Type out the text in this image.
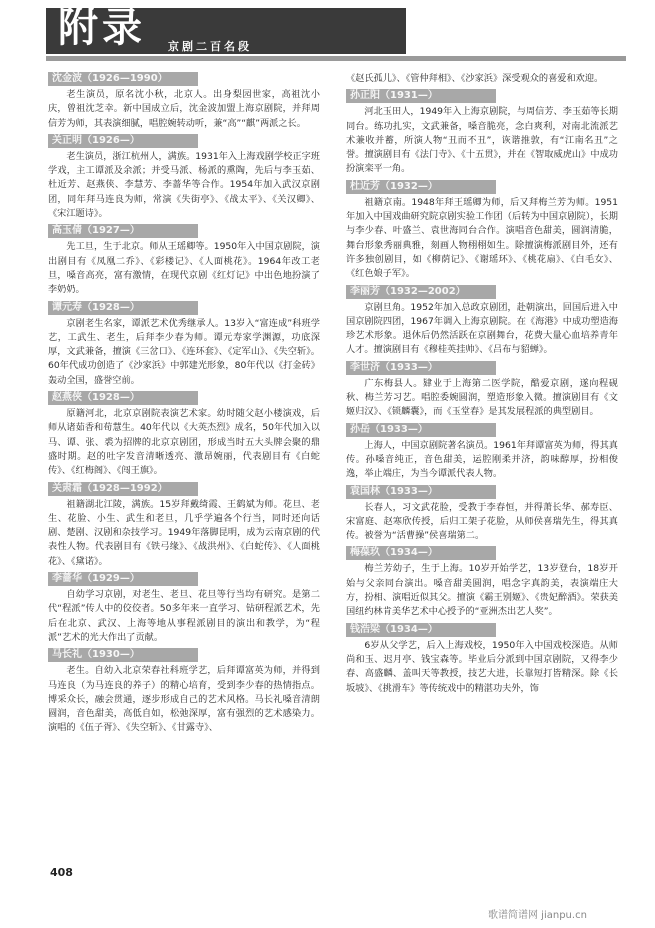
附录 京剧二百名段
沈金波（1926—1990）

老生演员，原名沈小秋，北京人。出身梨园世家，高祖沈小庆，曾祖沈芝幸。新中国成立后，沈金波加盟上海京剧院，并拜周信芳为师，其表演细腻，唱腔婉转动听，兼“高”“麒”两派之长。

关正明（1926—）

老生演员，浙江杭州人，满族。1931年入上海戏剧学校正字班学戏，主工谭派及余派；并受马派、杨派的熏陶，先后与李玉茹、杜近芳、赵燕侠、李慧芳、李蔷华等合作。1954年加入武汉京剧团，同年拜马连良为师，常演《失街亭》、《战太平》、《关汉卿》、《宋江题诗》。

高玉倩（1927—）

先工旦，生于北京。师从王瑶卿等。1950年入中国京剧院，演出剧目有《凤凰二乔》、《彩楼记》、《人面桃花》。1964年改工老旦，嗓音高亮，富有激情，在现代京剧《红灯记》中出色地扮演了李奶奶。

谭元寿（1928—）

京剧老生名家，谭派艺术优秀继承人。13岁入“富连成”科班学艺，工武生、老生，后拜李少春为师。谭元寿家学渊源，功底深厚，文武兼备，擅演《三岔口》、《连环套》、《定军山》、《失空斩》。60年代成功创造了《沙家浜》中郭建光形象，80年代以《打金砖》轰动全国，盛誉空前。

赵燕侠（1928—）

原籍河北，北京京剧院表演艺术家。幼时随父赵小楼演戏，后师从诸茹香和荀慧生。40年代以《大英杰烈》成名，50年代加入以马、谭、张、裘为招牌的北京京剧团，形成当时五大头牌会聚的鼎盛时期。赵的吐字发音清晰透亮、激昂婉丽，代表剧目有《白蛇传》、《红梅阁》、《闯王旗》。

关肃霜（1928—1992）

祖籍湖北江陵，满族。15岁拜戴绮霞、王鹤斌为师。花旦、老生、花脸、小生、武生和老旦，几乎学遍各个行当，同时还向话剧、楚剧、汉剧和杂技学习。1949年落脚昆明，成为云南京剧的代表性人物。代表剧目有《铁弓缘》、《战洪州》、《白蛇传》、《人面桃花》、《黛诺》。

李蔷华（1929—）

自幼学习京剧，对老生、老旦、花旦等行当均有研究。是第二代“程派”传人中的佼佼者。50多年来一直学习、钻研程派艺术，先后在北京、武汉、上海等地从事程派剧目的演出和教学，为“程派”艺术的光大作出了贡献。

马长礼（1930—）

老生。自幼入北京荣春社科班学艺，后拜谭富英为师，并得到马连良（为马连良的养子）的精心培育，受到李少春的热情指点。博采众长，融会贯通，逐步形成自己的艺术风格。马长礼嗓音清朗圆润，音色甜美，高低自如，松弛深厚，富有强烈的艺术感染力。演唱的《伍子胥》、《失空斩》、《甘露寺》、

《赵氏孤儿》、《管仲拜相》、《沙家浜》深受观众的喜爱和欢迎。

孙正阳（1931—）

河北玉田人，1949年入上海京剧院，与周信芳、李玉茹等长期同台。练功扎实，文武兼备，嗓音脆亮，念白爽利，对南北流派艺术兼收并蓄，所演人物“丑而不丑”，诙谐推敦，有“江南名丑”之誉。擅演剧目有《法门寺》、《十五贯》，并在《智取威虎山》中成功扮演栾平一角。

杜近芳（1932—）

祖籍京南。1948年拜王瑶卿为师，后又拜梅兰芳为师。1951年加入中国戏曲研究院京剧实验工作团（后转为中国京剧院），长期与李少春、叶盛兰、袁世海同台合作。演唱音色甜美，圆润清脆，舞台形象秀丽典雅，刻画人物栩栩如生。除擅演梅派剧目外，还有许多独创剧目，如《柳荫记》、《谢瑶环》、《桃花扇》、《白毛女》、《红色娘子军》。

李丽芳（1932—2002）

京剧旦角。1952年加入总政京剧团，赴朝演出，回国后进入中国京剧院四团，1967年调入上海京剧院。在《海港》中成功塑造海珍艺术形象。退休后仍然活跃在京剧舞台，花费大量心血培养青年人才。擅演剧目有《穆桂英挂帅》、《吕布与貂蝉》。

李世济（1933—）

广东梅县人。肄业于上海第二医学院，酷爱京剧，遂向程砚秋、梅兰芳习艺。唱腔委婉圆润，塑造形象入微。擅演剧目有《文姬归汉》、《锁麟囊》，而《玉堂春》是其发展程派的典型剧目。

孙岳（1933—）

上海人，中国京剧院著名演员。1961年拜谭富英为师，得其真传。孙嗓音纯正，音色甜美，运腔刚柔并济，韵味醇厚，扮相俊逸，举止端庄，为当今谭派代表人物。

袁国林（1933—）

长春人，习文武花脸，受教于李春恒，并得萧长华、郝寿臣、宋富庭、赵寒欣传授，后归工架子花脸，从师侯喜瑞先生，得其真传。被誉为“活曹操”侯喜瑞第二。

梅葆玖（1934—）

梅兰芳幼子，生于上海。10岁开始学艺，13岁登台，18岁开始与父亲同台演出。嗓音甜美圆润，唱念字真韵美，表演端庄大方，扮相、演唱近似其父。擅演《霸王别姬》、《贵妃醉酒》。荣获美国纽约林肯美华艺术中心授予的“亚洲杰出艺人奖”。

钱浩梁（1934—）

6岁从父学艺，后入上海戏校，1950年入中国戏校深造。从师尚和玉、迟月亭、钱宝森等。毕业后分派到中国京剧院，又得李少春、高盛麟、盖叫天等教授，技艺大进，长靠短打皆精深。除《长坂坡》、《挑滑车》等传统戏中的精湛功夫外，饰

408
歌谱简谱网 jianpu.cn
